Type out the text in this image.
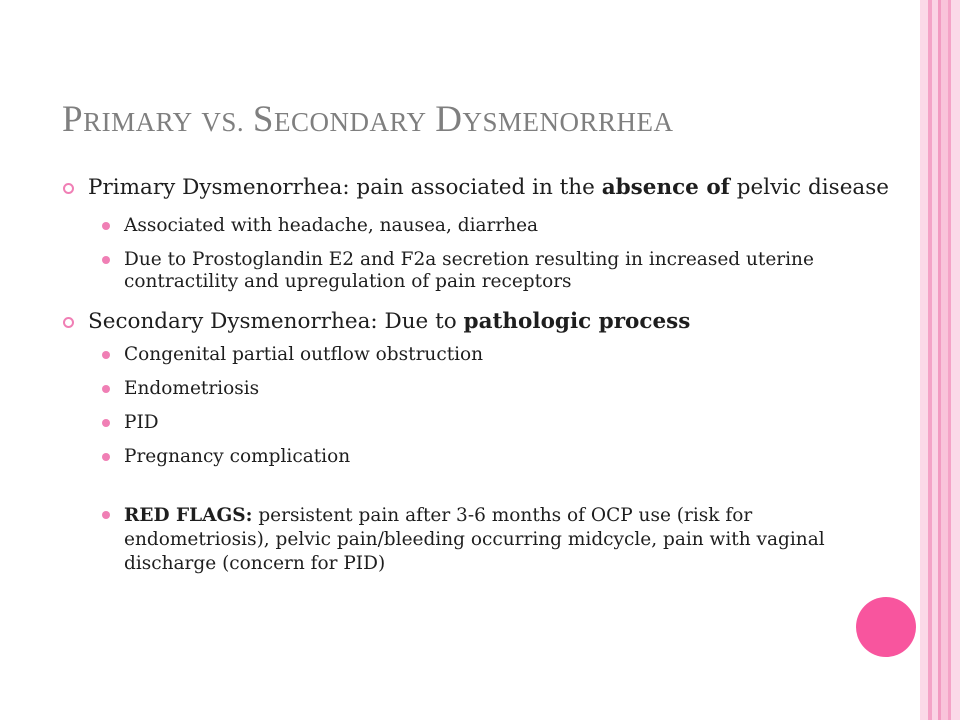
PRIMARY VS. SECONDARY DYSMENORRHEA
Primary Dysmenorrhea: pain associated in the absence of pelvic disease
Associated with headache, nausea, diarrhea
Due to Prostoglandin E2 and F2a secretion resulting in increased uterine contractility and upregulation of pain receptors
Secondary Dysmenorrhea: Due to pathologic process
Congenital partial outflow obstruction
Endometriosis
PID
Pregnancy complication
RED FLAGS: persistent pain after 3-6 months of OCP use (risk for endometriosis), pelvic pain/bleeding occurring midcycle, pain with vaginal discharge (concern for PID)
